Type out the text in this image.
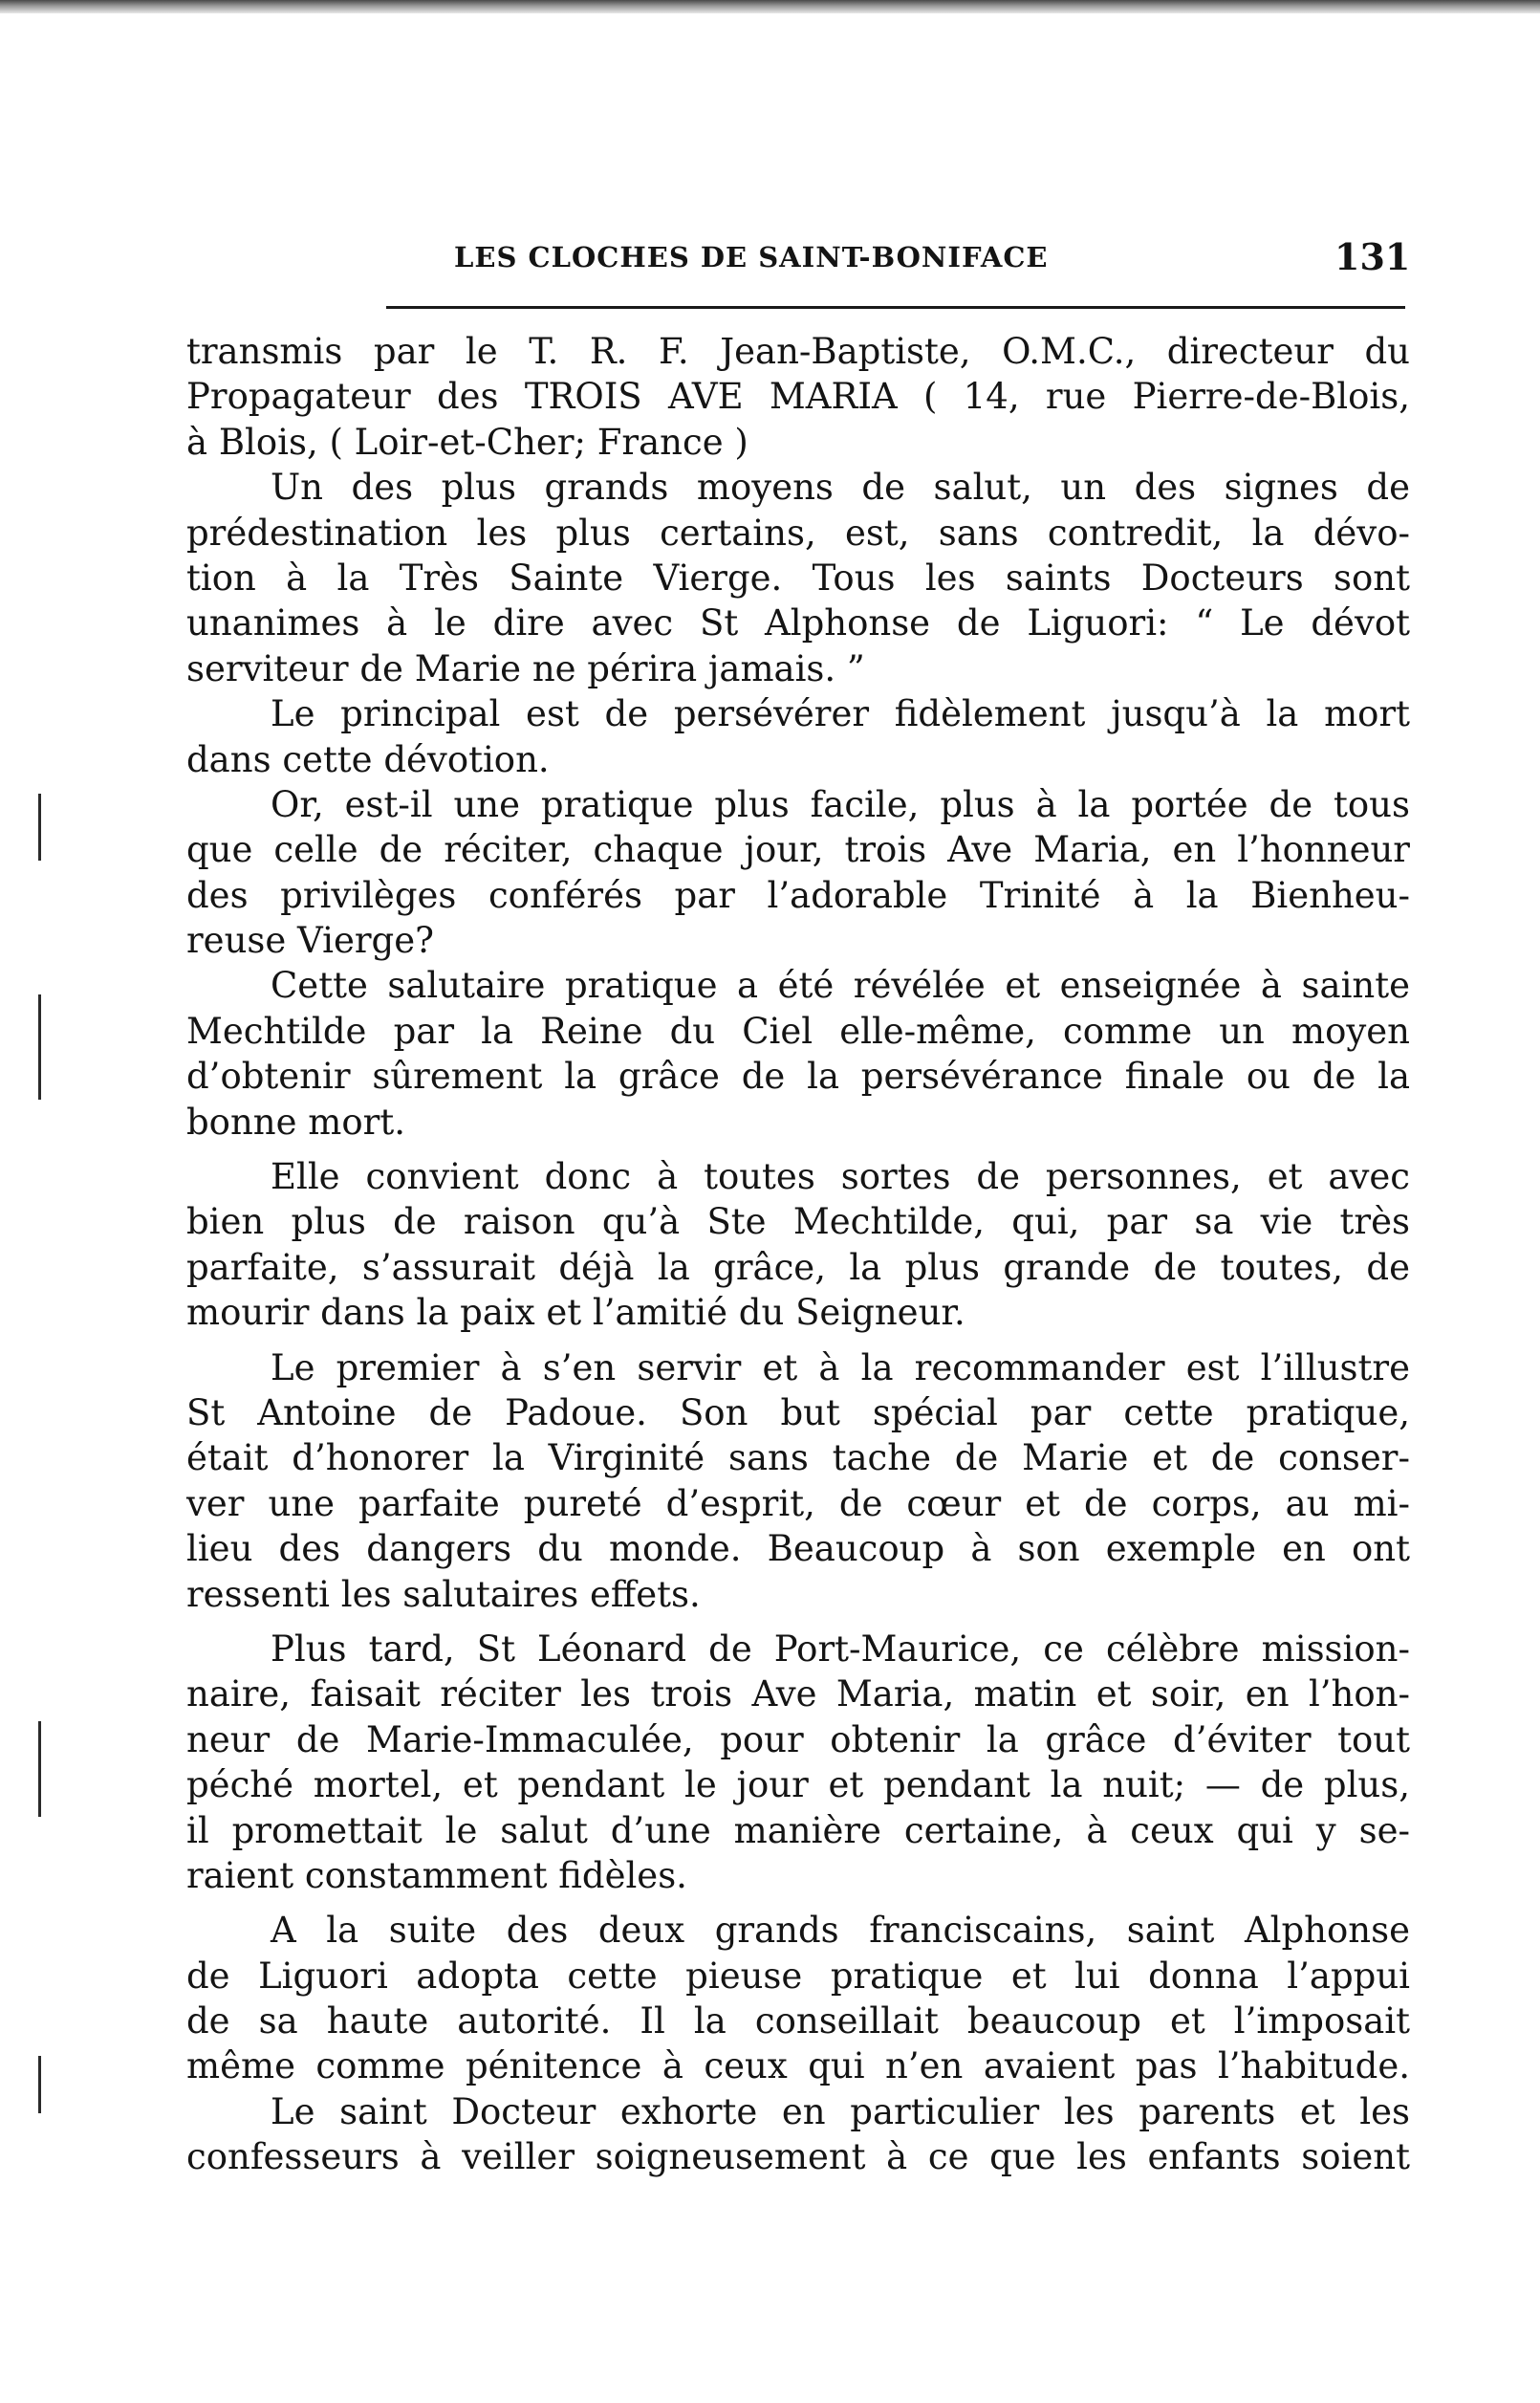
LES CLOCHES DE SAINT-BONIFACE	131
transmis par le T. R. F. Jean-Baptiste, O.M.C., directeur du
Propagateur des TROIS AVE MARIA ( 14, rue Pierre-de-Blois,
à Blois, ( Loir-et-Cher; France )
Un des plus grands moyens de salut, un des signes de
prédestination les plus certains, est, sans contredit, la dévo-
tion à la Très Sainte Vierge. Tous les saints Docteurs sont
unanimes à le dire avec St Alphonse de Liguori: “ Le dévot
serviteur de Marie ne périra jamais. ”
Le principal est de persévérer fidèlement jusqu’à la mort
dans cette dévotion.
Or, est-il une pratique plus facile, plus à la portée de tous
que celle de réciter, chaque jour, trois Ave Maria, en l’honneur
des privilèges conférés par l’adorable Trinité à la Bienheu-
reuse Vierge?
Cette salutaire pratique a été révélée et enseignée à sainte
Mechtilde par la Reine du Ciel elle-même, comme un moyen
d’obtenir sûrement la grâce de la persévérance finale ou de la
bonne mort.
Elle convient donc à toutes sortes de personnes, et avec
bien plus de raison qu’à Ste Mechtilde, qui, par sa vie très
parfaite, s’assurait déjà la grâce, la plus grande de toutes, de
mourir dans la paix et l’amitié du Seigneur.
Le premier à s’en servir et à la recommander est l’illustre
St Antoine de Padoue. Son but spécial par cette pratique,
était d’honorer la Virginité sans tache de Marie et de conser-
ver une parfaite pureté d’esprit, de cœur et de corps, au mi-
lieu des dangers du monde. Beaucoup à son exemple en ont
ressenti les salutaires effets.
Plus tard, St Léonard de Port-Maurice, ce célèbre mission-
naire, faisait réciter les trois Ave Maria, matin et soir, en l’hon-
neur de Marie-Immaculée, pour obtenir la grâce d’éviter tout
péché mortel, et pendant le jour et pendant la nuit; — de plus,
il promettait le salut d’une manière certaine, à ceux qui y se-
raient constamment fidèles.
A la suite des deux grands franciscains, saint Alphonse
de Liguori adopta cette pieuse pratique et lui donna l’appui
de sa haute autorité. Il la conseillait beaucoup et l’imposait
même comme pénitence à ceux qui n’en avaient pas l’habitude.
Le saint Docteur exhorte en particulier les parents et les
confesseurs à veiller soigneusement à ce que les enfants soient
